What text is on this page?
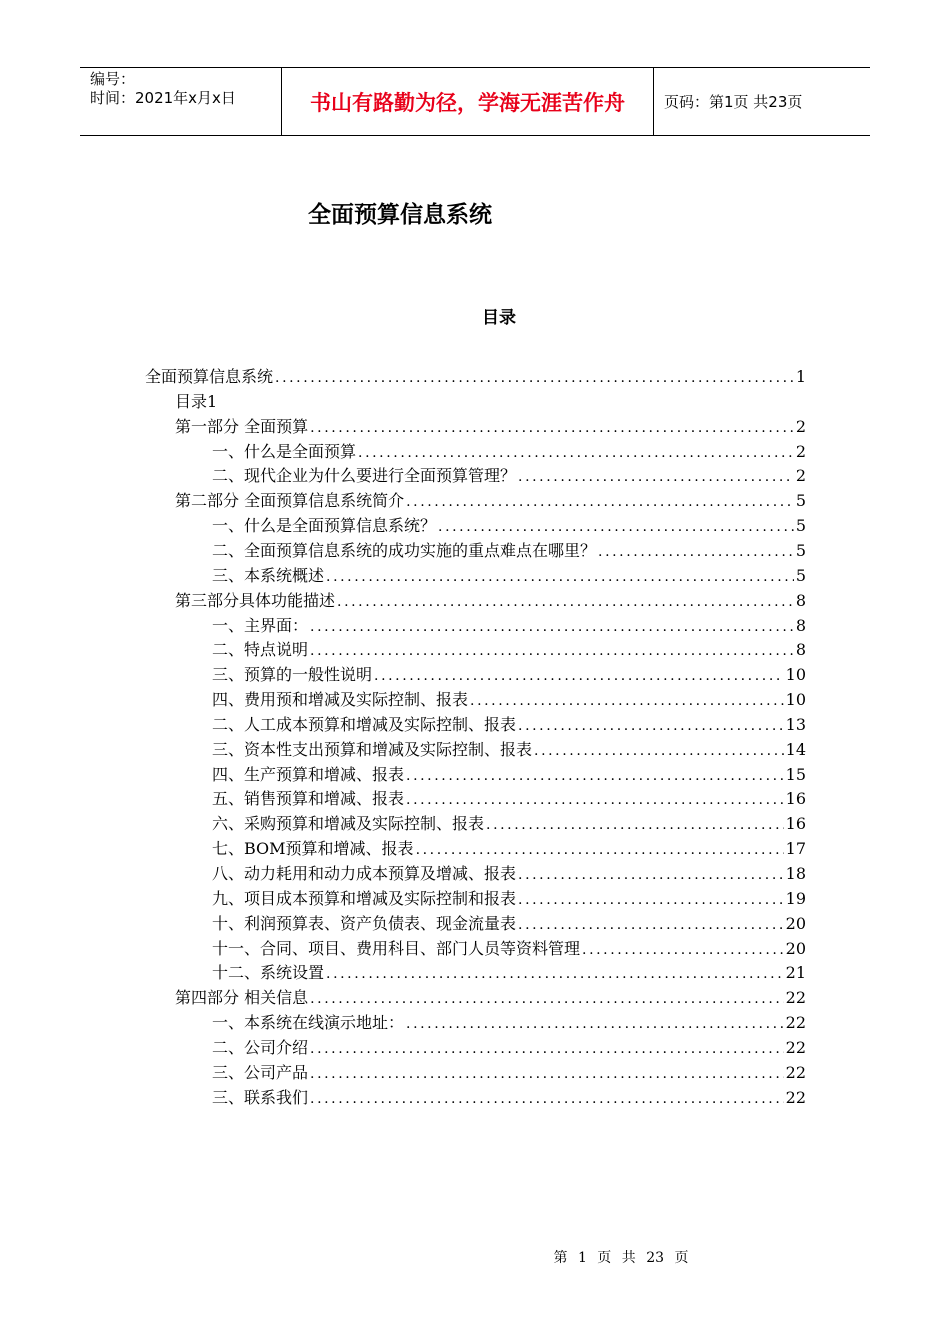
编号：
时间：2021年x月x日	书山有路勤为径，学海无涯苦作舟	页码：第1页 共23页
全面预算信息系统
目录
全面预算信息系统 .....	1
目录1
第一部分 全面预算 .....	2
一、什么是全面预算 .....	2
二、现代企业为什么要进行全面预算管理？ .....	2
第二部分 全面预算信息系统简介 .....	5
一、什么是全面预算信息系统？ .....	5
二、全面预算信息系统的成功实施的重点难点在哪里？ .....	5
三、本系统概述 .....	5
第三部分具体功能描述 .....	8
一、主界面： .....	8
二、特点说明 .....	8
三、预算的一般性说明 .....	10
四、费用预和增减及实际控制、报表 .....	10
二、人工成本预算和增减及实际控制、报表 .....	13
三、资本性支出预算和增减及实际控制、报表 .....	14
四、生产预算和增减、报表 .....	15
五、销售预算和增减、报表 .....	16
六、采购预算和增减及实际控制、报表 .....	16
七、BOM预算和增减、报表 .....	17
八、动力耗用和动力成本预算及增减、报表 .....	18
九、项目成本预算和增减及实际控制和报表 .....	19
十、利润预算表、资产负债表、现金流量表 .....	20
十一、合同、项目、费用科目、部门人员等资料管理 .....	20
十二、系统设置 .....	21
第四部分 相关信息 .....	22
一、本系统在线演示地址： .....	22
二、公司介绍 .....	22
三、公司产品 .....	22
三、联系我们 .....	22
第 1 页 共 23 页
